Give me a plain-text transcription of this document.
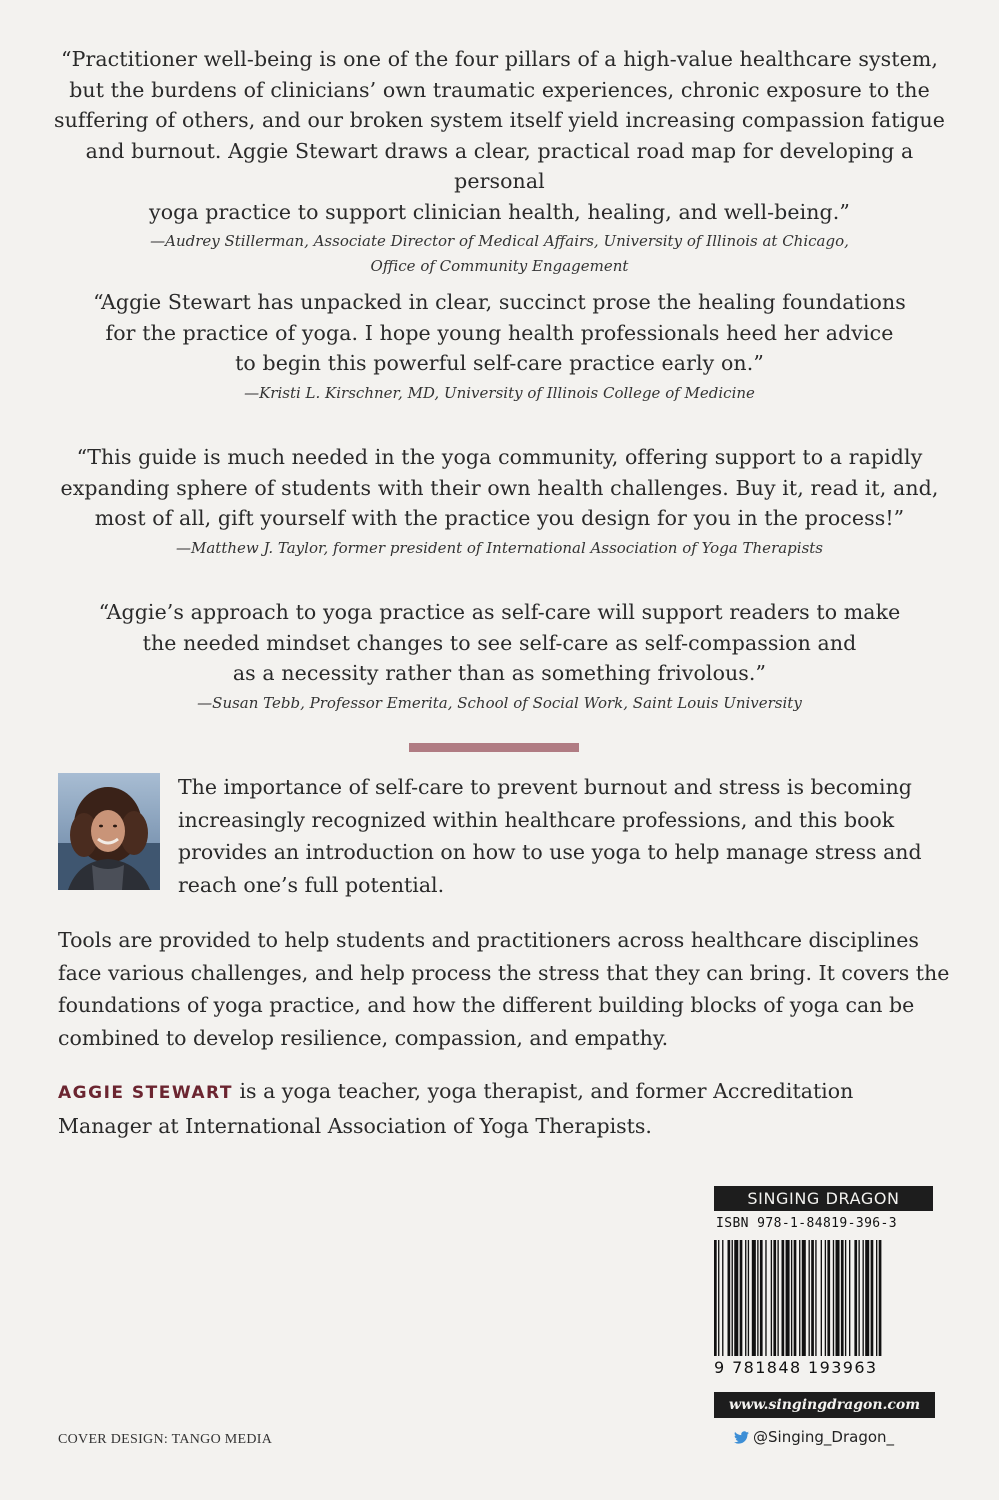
“Practitioner well-being is one of the four pillars of a high-value healthcare system,
but the burdens of clinicians’ own traumatic experiences, chronic exposure to the
suffering of others, and our broken system itself yield increasing compassion fatigue
and burnout. Aggie Stewart draws a clear, practical road map for developing a personal
yoga practice to support clinician health, healing, and well-being.”

—Audrey Stillerman, Associate Director of Medical Affairs, University of Illinois at Chicago,
Office of Community Engagement

“Aggie Stewart has unpacked in clear, succinct prose the healing foundations
for the practice of yoga. I hope young health professionals heed her advice
to begin this powerful self-care practice early on.”

—Kristi L. Kirschner, MD, University of Illinois College of Medicine

“This guide is much needed in the yoga community, offering support to a rapidly
expanding sphere of students with their own health challenges. Buy it, read it, and,
most of all, gift yourself with the practice you design for you in the process!”

—Matthew J. Taylor, former president of International Association of Yoga Therapists

“Aggie’s approach to yoga practice as self-care will support readers to make
the needed mindset changes to see self-care as self-compassion and
as a necessity rather than as something frivolous.”

—Susan Tebb, Professor Emerita, School of Social Work, Saint Louis University

The importance of self-care to prevent burnout and stress is becoming
increasingly recognized within healthcare professions, and this book
provides an introduction on how to use yoga to help manage stress and
reach one’s full potential.

Tools are provided to help students and practitioners across healthcare disciplines
face various challenges, and help process the stress that they can bring. It covers the
foundations of yoga practice, and how the different building blocks of yoga can be
combined to develop resilience, compassion, and empathy.

AGGIE STEWART is a yoga teacher, yoga therapist, and former Accreditation
Manager at International Association of Yoga Therapists.

SINGING DRAGON
ISBN 978-1-84819-396-3
9 781848 193963
www.singingdragon.com
@Singing_Dragon_
COVER DESIGN: TANGO MEDIA
